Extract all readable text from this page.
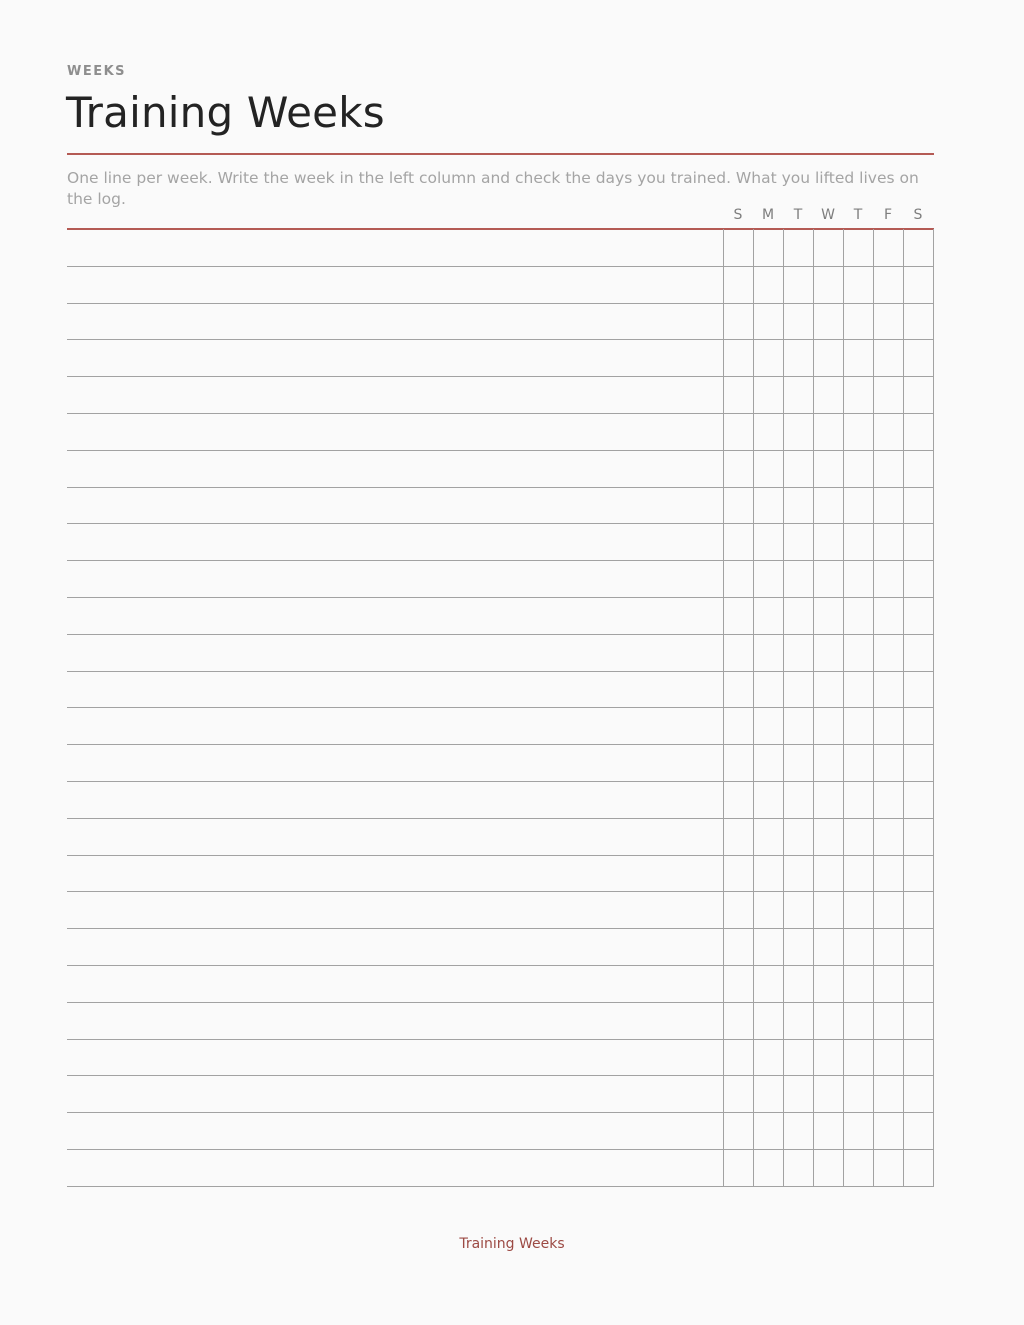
WEEKS
Training Weeks

One line per week. Write the week in the left column and check the days you trained. What you lifted lives on the log.

S	M	T	W	T	F	S
Training Weeks
